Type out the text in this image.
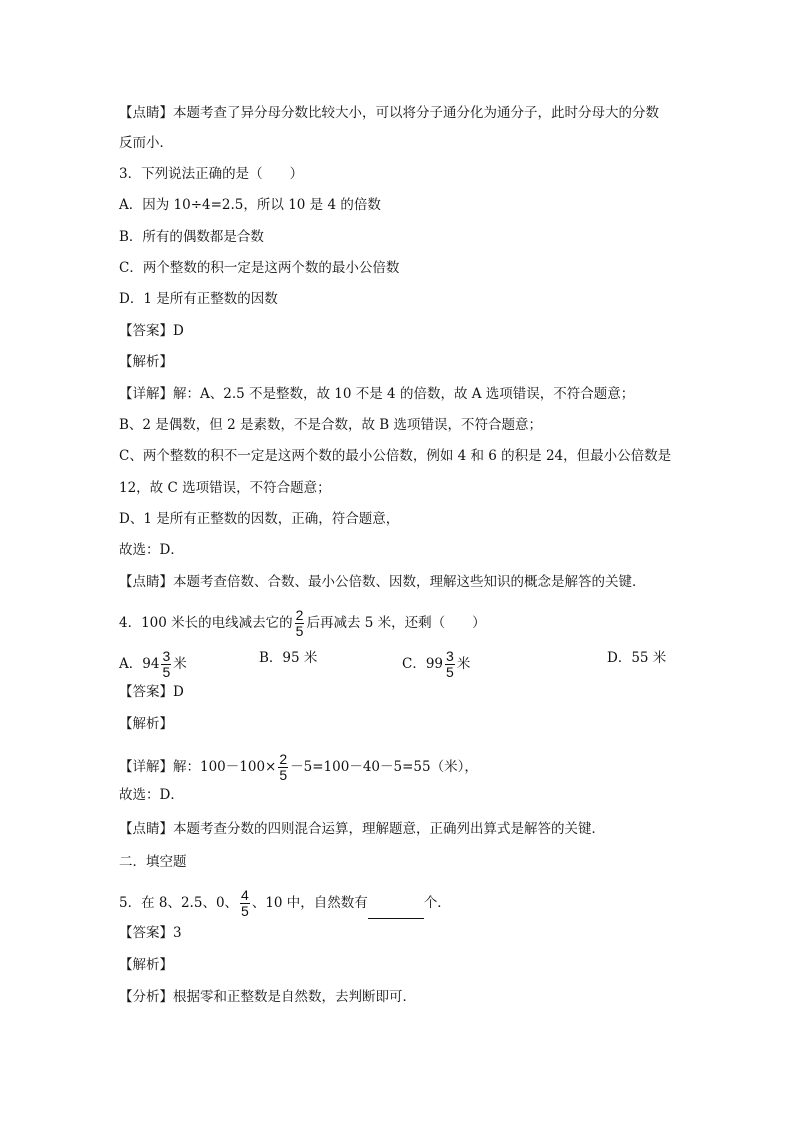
【点睛】本题考查了异分母分数比较大小，可以将分子通分化为通分子，此时分母大的分数
反而小．
3．下列说法正确的是（　　）
A．因为 10÷4=2.5，所以 10 是 4 的倍数
B．所有的偶数都是合数
C．两个整数的积一定是这两个数的最小公倍数
D．1 是所有正整数的因数
【答案】D
【解析】
【详解】解：A、2.5 不是整数，故 10 不是 4 的倍数，故 A 选项错误，不符合题意；
B、2 是偶数，但 2 是素数，不是合数，故 B 选项错误，不符合题意；
C、两个整数的积不一定是这两个数的最小公倍数，例如 4 和 6 的积是 24，但最小公倍数是
12，故 C 选项错误，不符合题意；
D、1 是所有正整数的因数，正确，符合题意，
故选：D．
【点睛】本题考查倍数、合数、最小公倍数、因数，理解这些知识的概念是解答的关键．
4．100 米长的电线减去它的 $\frac{2}{5}$ 后再减去 5 米，还剩（　　）
A．$94 \frac{3}{5}$ 米	B．95 米	C．$99 \frac{3}{5}$ 米	D．55 米
【答案】D
【解析】
【详解】解：$100-100\times \frac{2}{5} -5=100-40-5=55$（米），
故选：D．
【点睛】本题考查分数的四则混合运算，理解题意，正确列出算式是解答的关键．
二．填空题
5．在 8、2.5、0、 $\frac{4}{5}$ 、10 中，自然数有	个．
【答案】3
【解析】
【分析】根据零和正整数是自然数，去判断即可．
